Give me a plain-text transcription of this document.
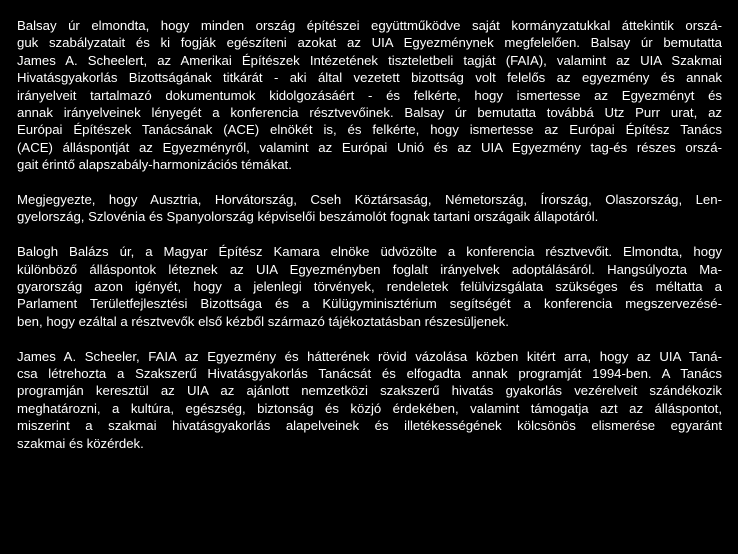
Balsay úr elmondta, hogy minden ország építészei együttműködve saját kormányzatukkal áttekintik orszá-
guk szabályzatait és ki fogják egészíteni azokat az UIA Egyezménynek megfelelően. Balsay úr bemutatta
James A. Scheelert, az Amerikai Építészek Intézetének tiszteletbeli tagját (FAIA), valamint az UIA Szakmai
Hivatásgyakorlás Bizottságának titkárát - aki által vezetett bizottság volt felelős az egyezmény és annak
irányelveit tartalmazó dokumentumok kidolgozásáért - és felkérte, hogy ismertesse az Egyezményt és
annak irányelveinek lényegét a konferencia résztvevőinek. Balsay úr bemutatta továbbá Utz Purr urat, az
Európai Építészek Tanácsának (ACE) elnökét is, és felkérte, hogy ismertesse az Európai Építész Tanács
(ACE) álláspontját az Egyezményről, valamint az Európai Unió és az UIA Egyezmény tag-és részes orszá-
gait érintő alapszabály-harmonizációs témákat.
Megjegyezte, hogy Ausztria, Horvátország, Cseh Köztársaság, Németország, Írország, Olaszország, Len-
gyelország, Szlovénia és Spanyolország képviselői beszámolót fognak tartani országaik állapotáról.
Balogh Balázs úr, a Magyar Építész Kamara elnöke üdvözölte a konferencia résztvevőit. Elmondta, hogy
különböző álláspontok léteznek az UIA Egyezményben foglalt irányelvek adoptálásáról. Hangsúlyozta Ma-
gyarország azon igényét, hogy a jelenlegi törvények, rendeletek felülvizsgálata szükséges és méltatta a
Parlament Területfejlesztési Bizottsága és a Külügyminisztérium segítségét a konferencia megszervezésé-
ben, hogy ezáltal a résztvevők első kézből származó tájékoztatásban részesüljenek.
James A. Scheeler, FAIA az Egyezmény és hátterének rövid vázolása közben kitért arra, hogy az UIA Taná-
csa létrehozta a Szakszerű Hivatásgyakorlás Tanácsát és elfogadta annak programját 1994-ben. A Tanács
programján keresztül az UIA az ajánlott nemzetközi szakszerű hivatás gyakorlás vezérelveit szándékozik
meghatározni, a kultúra, egészség, biztonság és közjó érdekében, valamint támogatja azt az álláspontot,
miszerint a szakmai hivatásgyakorlás alapelveinek és illetékességének kölcsönös elismerése egyaránt
szakmai és közérdek.
